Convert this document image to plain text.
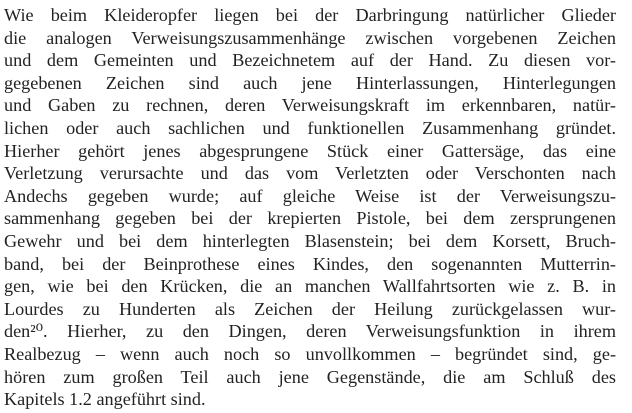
Wie beim Kleideropfer liegen bei der Darbringung natürlicher Glieder
die analogen Verweisungszusammenhänge zwischen vorgebenen Zeichen
und dem Gemeinten und Bezeichnetem auf der Hand. Zu diesen vor-
gegebenen Zeichen sind auch jene Hinterlassungen, Hinterlegungen
und Gaben zu rechnen, deren Verweisungskraft im erkennbaren, natür-
lichen oder auch sachlichen und funktionellen Zusammenhang gründet.
Hierher gehört jenes abgesprungene Stück einer Gattersäge, das eine
Verletzung verursachte und das vom Verletzten oder Verschonten nach
Andechs gegeben wurde; auf gleiche Weise ist der Verweisungszu-
sammenhang gegeben bei der krepierten Pistole, bei dem zersprungenen
Gewehr und bei dem hinterlegten Blasenstein; bei dem Korsett, Bruch-
band, bei der Beinprothese eines Kindes, den sogenannten Mutterrin-
gen, wie bei den Krücken, die an manchen Wallfahrtsorten wie z. B. in
Lourdes zu Hunderten als Zeichen der Heilung zurückgelassen wur-
den²⁰. Hierher, zu den Dingen, deren Verweisungsfunktion in ihrem
Realbezug – wenn auch noch so unvollkommen – begründet sind, ge-
hören zum großen Teil auch jene Gegenstände, die am Schluß des
Kapitels 1.2 angeführt sind.
